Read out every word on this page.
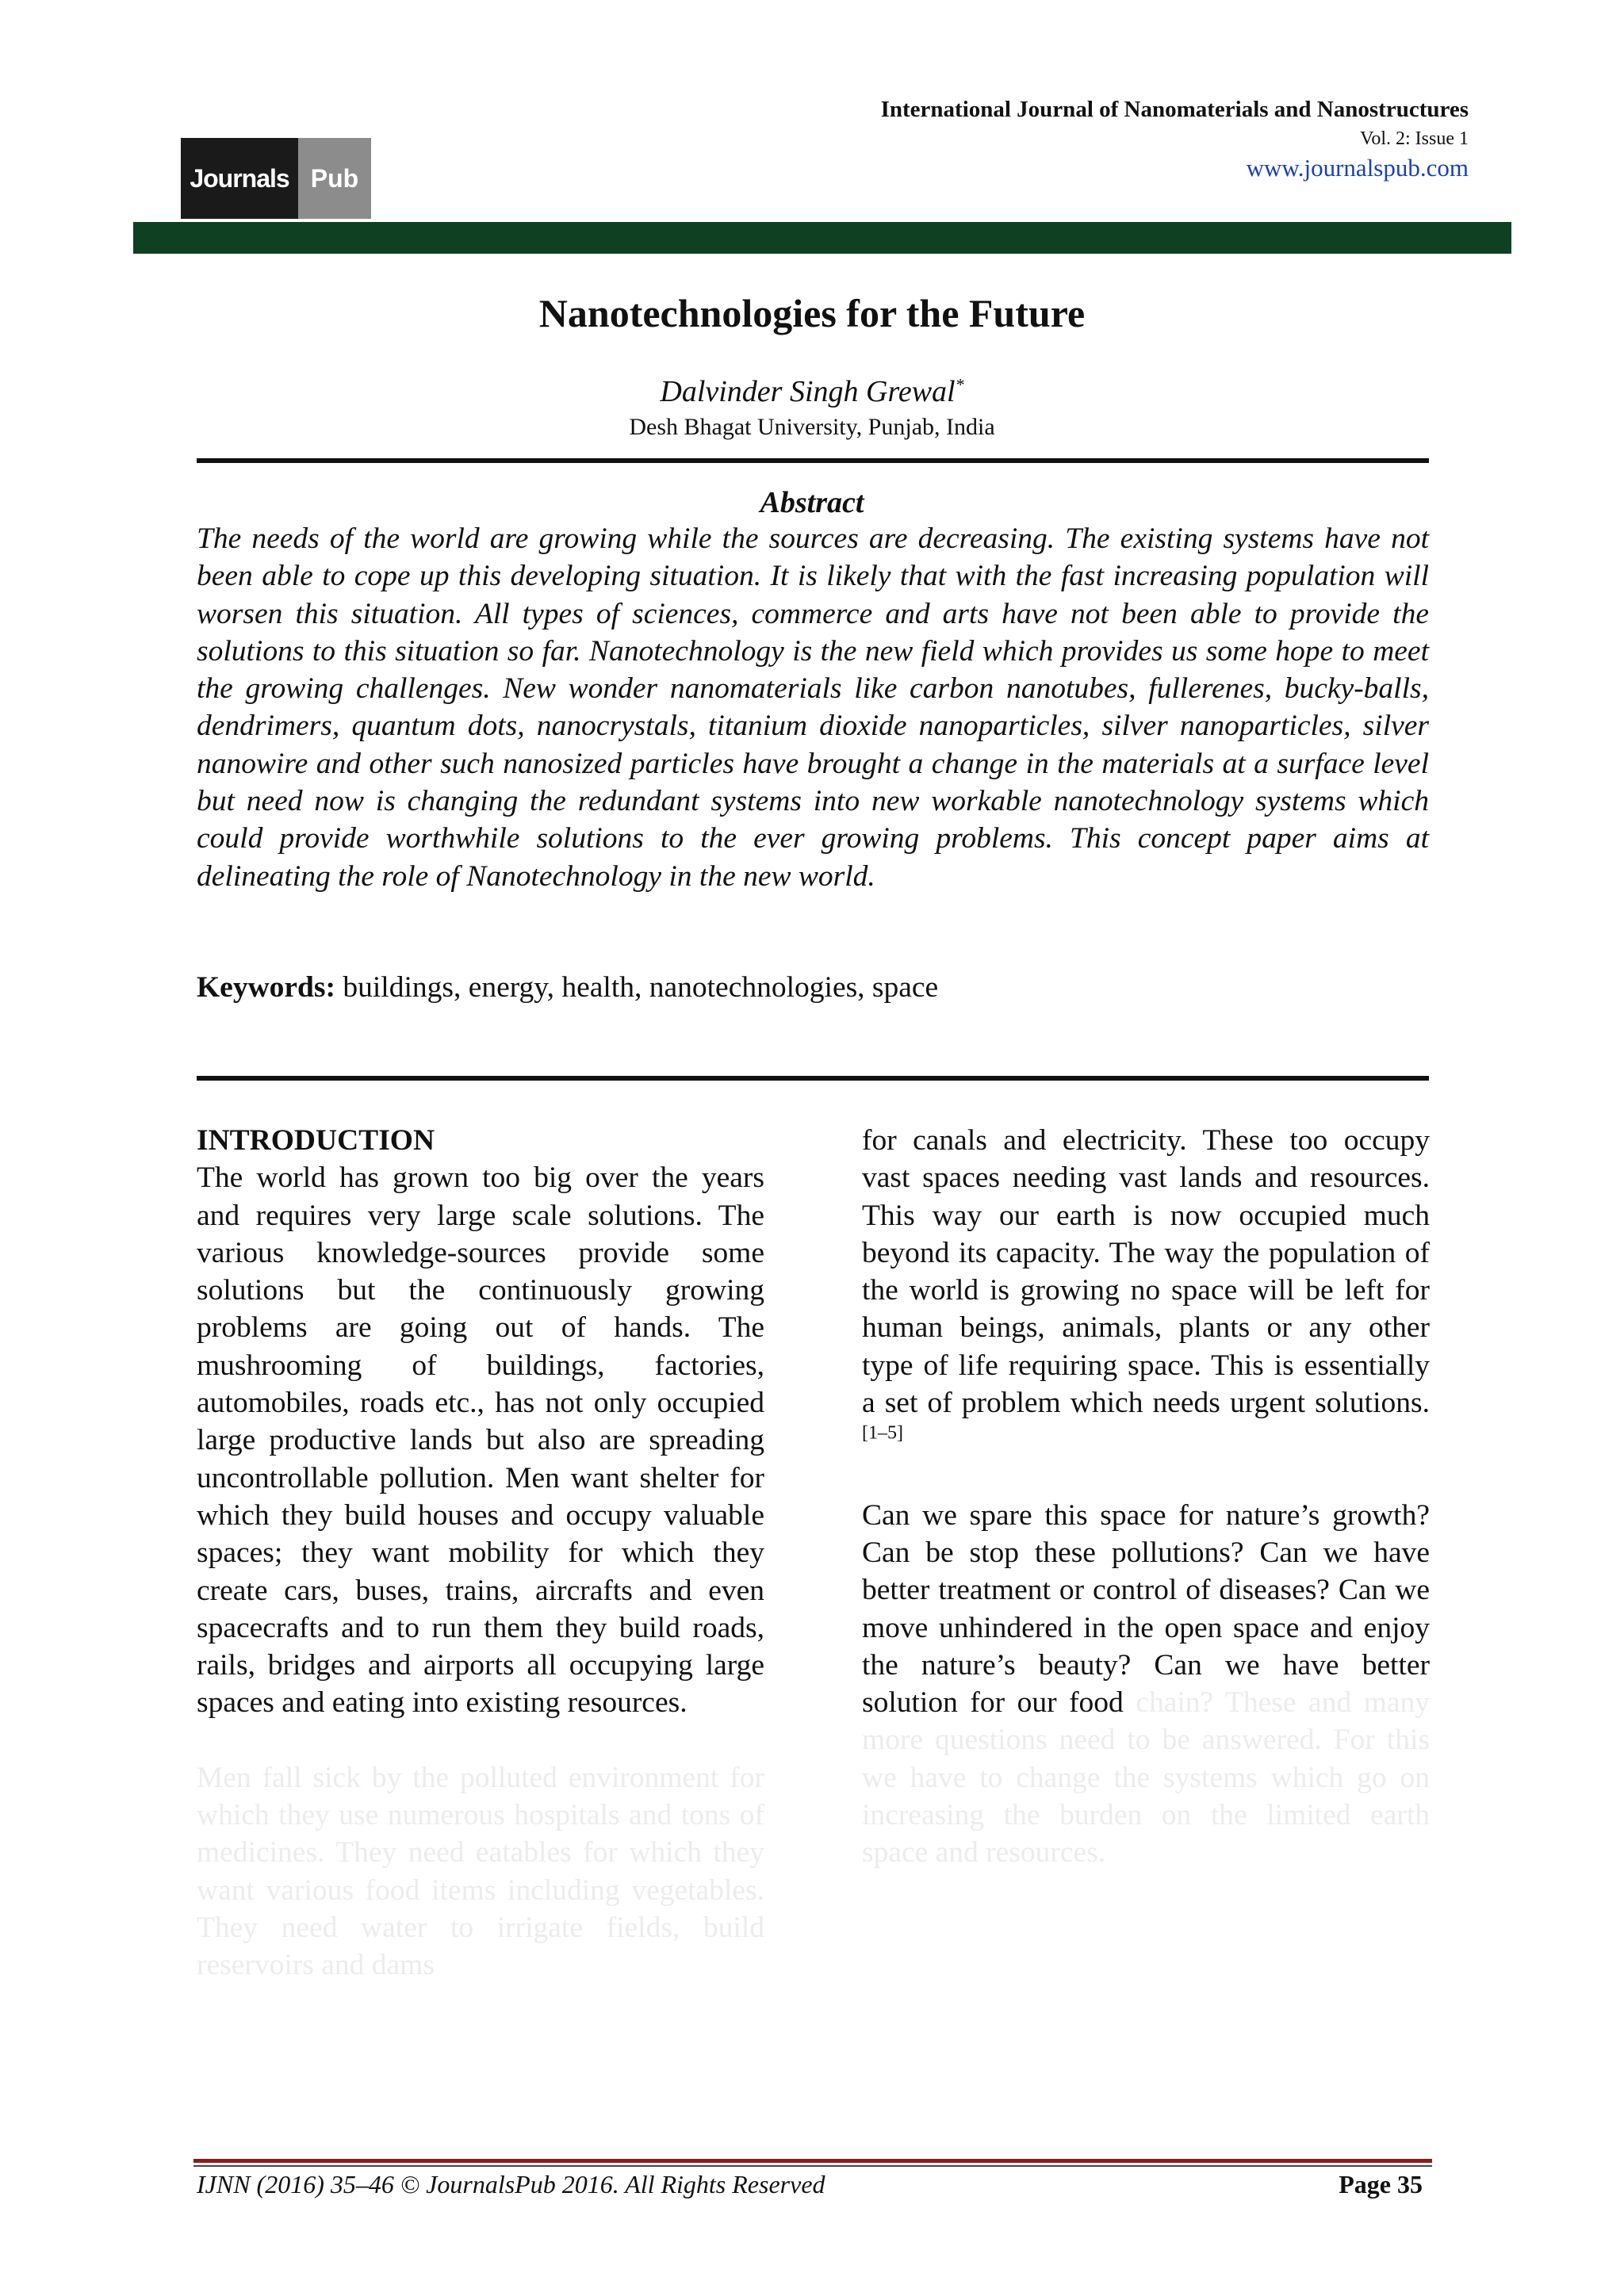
Journals Pub
International Journal of Nanomaterials and Nanostructures
Vol. 2: Issue 1
www.journalspub.com
Nanotechnologies for the Future
Dalvinder Singh Grewal*
Desh Bhagat University, Punjab, India
Abstract

The needs of the world are growing while the sources are decreasing. The existing systems have not been able to cope up this developing situation. It is likely that with the fast increasing population will worsen this situation. All types of sciences, commerce and arts have not been able to provide the solutions to this situation so far. Nanotechnology is the new field which provides us some hope to meet the growing challenges. New wonder nanomaterials like carbon nanotubes, fullerenes, bucky-balls, dendrimers, quantum dots, nanocrystals, titanium dioxide nanoparticles, silver nanoparticles, silver nanowire and other such nanosized particles have brought a change in the materials at a surface level but need now is changing the redundant systems into new workable nanotechnology systems which could provide worthwhile solutions to the ever growing problems. This concept paper aims at delineating the role of Nanotechnology in the new world.

Keywords: buildings, energy, health, nanotechnologies, space
INTRODUCTION

The world has grown too big over the years and requires very large scale solutions. The various knowledge-sources provide some solutions but the continuously growing problems are going out of hands. The mushrooming of buildings, factories, automobiles, roads etc., has not only occupied large productive lands but also are spreading uncontrollable pollution. Men want shelter for which they build houses and occupy valuable spaces; they want mobility for which they create cars, buses, trains, aircrafts and even spacecrafts and to run them they build roads, rails, bridges and airports all occupying large spaces and eating into existing resources.

Men fall sick by the polluted environment for which they use numerous hospitals and tons of medicines. They need eatables for which they want various food items including vegetables. They need water to irrigate fields, build reservoirs and dams

for canals and electricity. These too occupy vast spaces needing vast lands and resources. This way our earth is now occupied much beyond its capacity. The way the population of the world is growing no space will be left for human beings, animals, plants or any other type of life requiring space. This is essentially a set of problem which needs urgent solutions.[1–5]

Can we spare this space for nature’s growth? Can be stop these pollutions? Can we have better treatment or control of diseases? Can we move unhindered in the open space and enjoy the nature’s beauty? Can we have better solution for our food chain? These and many more questions need to be answered. For this we have to change the systems which go on increasing the burden on the limited earth space and resources.

IJNN (2016) 35–46 © JournalsPub 2016. All Rights Reserved	Page 35
